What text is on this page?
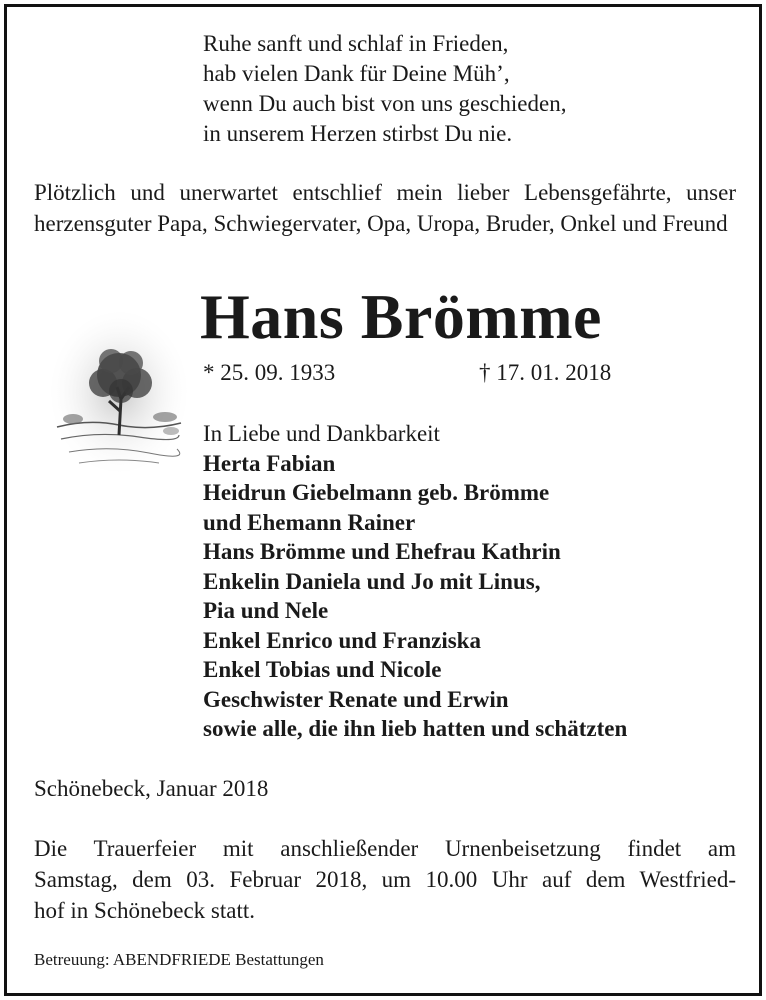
Ruhe sanft und schlaf in Frieden,
hab vielen Dank für Deine Müh’,
wenn Du auch bist von uns geschieden,
in unserem Herzen stirbst Du nie.
Plötzlich und unerwartet entschlief mein lieber Lebensgefährte, unser herzensguter Papa, Schwiegervater, Opa, Uropa, Bruder, Onkel und Freund
Hans Brömme
* 25. 09. 1933	† 17. 01. 2018
In Liebe und Dankbarkeit
Herta Fabian
Heidrun Giebelmann geb. Brömme
und Ehemann Rainer
Hans Brömme und Ehefrau Kathrin
Enkelin Daniela und Jo mit Linus,
Pia und Nele
Enkel Enrico und Franziska
Enkel Tobias und Nicole
Geschwister Renate und Erwin
sowie alle, die ihn lieb hatten und schätzten
Schönebeck, Januar 2018
Die Trauerfeier mit anschließender Urnenbeisetzung findet am
Samstag, dem 03. Februar 2018, um 10.00 Uhr auf dem Westfried-
hof in Schönebeck statt.
Betreuung: ABENDFRIEDE Bestattungen
